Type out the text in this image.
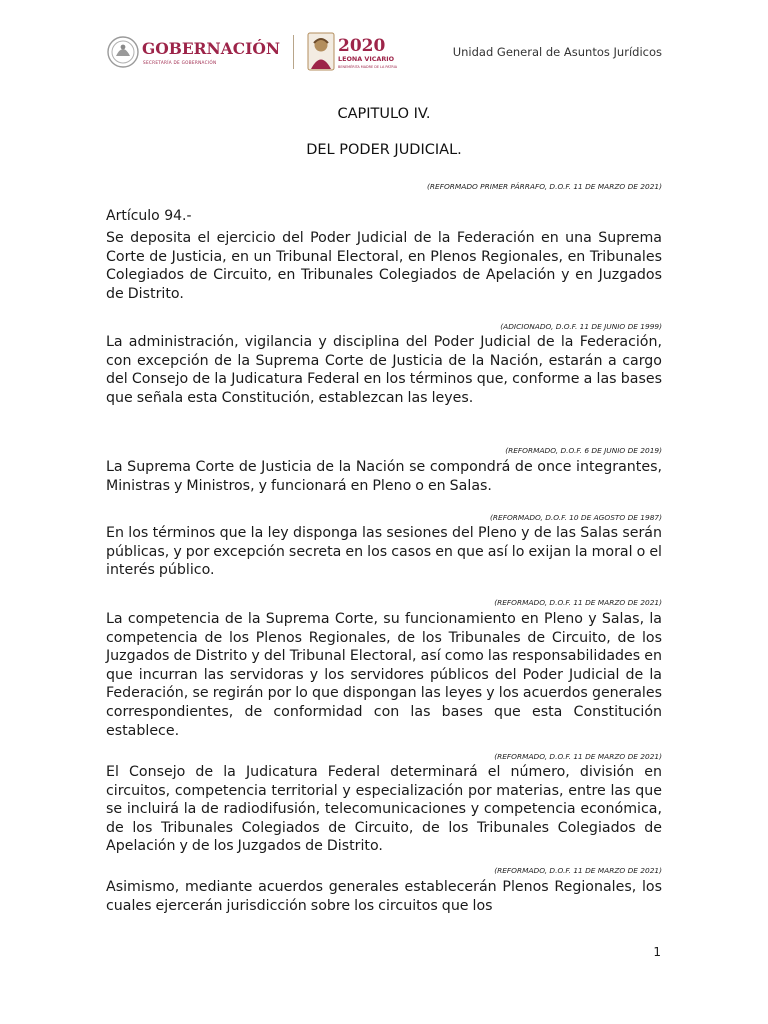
GOBERNACIÓN
SECRETARÍA DE GOBERNACIÓN
2020
LEONA VICARIO
BENEMÉRITA MADRE DE LA PATRIA
Unidad General de Asuntos Jurídicos
CAPITULO IV.
DEL PODER JUDICIAL.
(REFORMADO PRIMER PÁRRAFO, D.O.F. 11 DE MARZO DE 2021)
Artículo 94.-
Se deposita el ejercicio del Poder Judicial de la Federación en una Suprema Corte de Justicia, en un Tribunal Electoral, en Plenos Regionales, en Tribunales Colegiados de Circuito, en Tribunales Colegiados de Apelación y en Juzgados de Distrito.
(ADICIONADO, D.O.F. 11 DE JUNIO DE 1999)
La administración, vigilancia y disciplina del Poder Judicial de la Federación, con excepción de la Suprema Corte de Justicia de la Nación, estarán a cargo del Consejo de la Judicatura Federal en los términos que, conforme a las bases que señala esta Constitución, establezcan las leyes.
(REFORMADO, D.O.F. 6 DE JUNIO DE 2019)
La Suprema Corte de Justicia de la Nación se compondrá de once integrantes, Ministras y Ministros, y funcionará en Pleno o en Salas.
(REFORMADO, D.O.F. 10 DE AGOSTO DE 1987)
En los términos que la ley disponga las sesiones del Pleno y de las Salas serán públicas, y por excepción secreta en los casos en que así lo exijan la moral o el interés público.
(REFORMADO, D.O.F. 11 DE MARZO DE 2021)
La competencia de la Suprema Corte, su funcionamiento en Pleno y Salas, la competencia de los Plenos Regionales, de los Tribunales de Circuito, de los Juzgados de Distrito y del Tribunal Electoral, así como las responsabilidades en que incurran las servidoras y los servidores públicos del Poder Judicial de la Federación, se regirán por lo que dispongan las leyes y los acuerdos generales correspondientes, de conformidad con las bases que esta Constitución establece.
(REFORMADO, D.O.F. 11 DE MARZO DE 2021)
El Consejo de la Judicatura Federal determinará el número, división en circuitos, competencia territorial y especialización por materias, entre las que se incluirá la de radiodifusión, telecomunicaciones y competencia económica, de los Tribunales Colegiados de Circuito, de los Tribunales Colegiados de Apelación y de los Juzgados de Distrito.
(REFORMADO, D.O.F. 11 DE MARZO DE 2021)
Asimismo, mediante acuerdos generales establecerán Plenos Regionales, los cuales ejercerán jurisdicción sobre los circuitos que los
1
